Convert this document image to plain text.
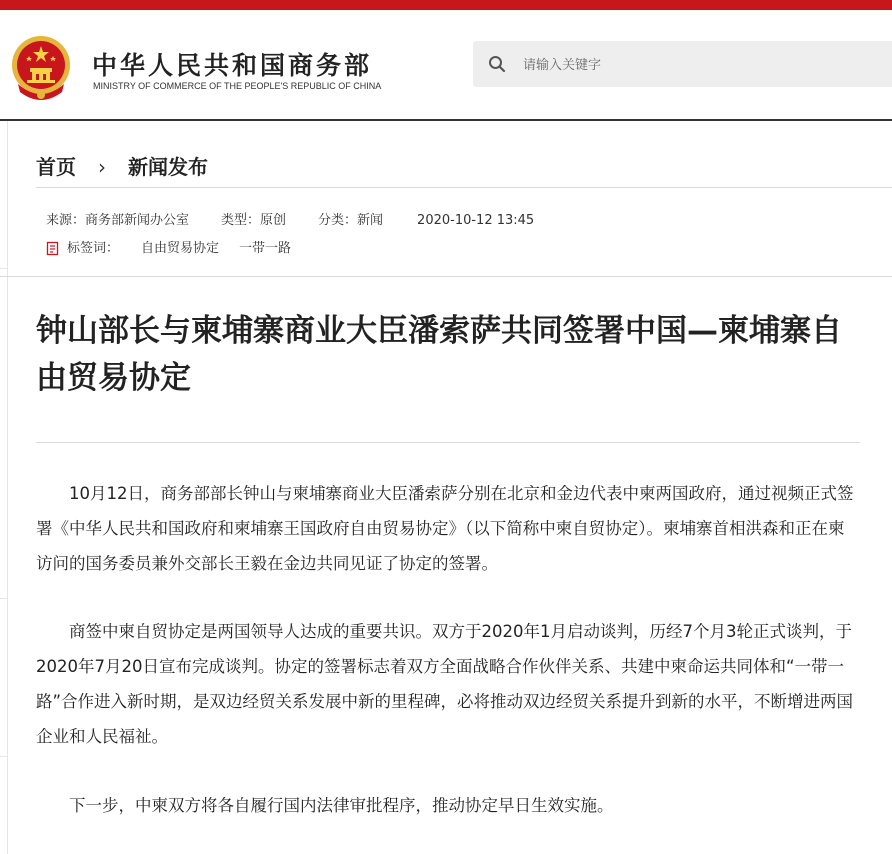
中华人民共和国商务部
MINISTRY OF COMMERCE OF THE PEOPLE'S REPUBLIC OF CHINA
请输入关键字
首页 › 新闻发布
来源：商务部新闻办公室 类型：原创 分类：新闻	2020-10-12 13:45
标签词： 自由贸易协定 一带一路
钟山部长与柬埔寨商业大臣潘索萨共同签署中国—柬埔寨自由贸易协定

10月12日，商务部部长钟山与柬埔寨商业大臣潘索萨分别在北京和金边代表中柬两国政府，通过视频正式签署《中华人民共和国政府和柬埔寨王国政府自由贸易协定》（以下简称中柬自贸协定）。柬埔寨首相洪森和正在柬访问的国务委员兼外交部长王毅在金边共同见证了协定的签署。

商签中柬自贸协定是两国领导人达成的重要共识。双方于2020年1月启动谈判，历经7个月3轮正式谈判，于2020年7月20日宣布完成谈判。协定的签署标志着双方全面战略合作伙伴关系、共建中柬命运共同体和“一带一路”合作进入新时期，是双边经贸关系发展中新的里程碑，必将推动双边经贸关系提升到新的水平，不断增进两国企业和人民福祉。

下一步，中柬双方将各自履行国内法律审批程序，推动协定早日生效实施。
